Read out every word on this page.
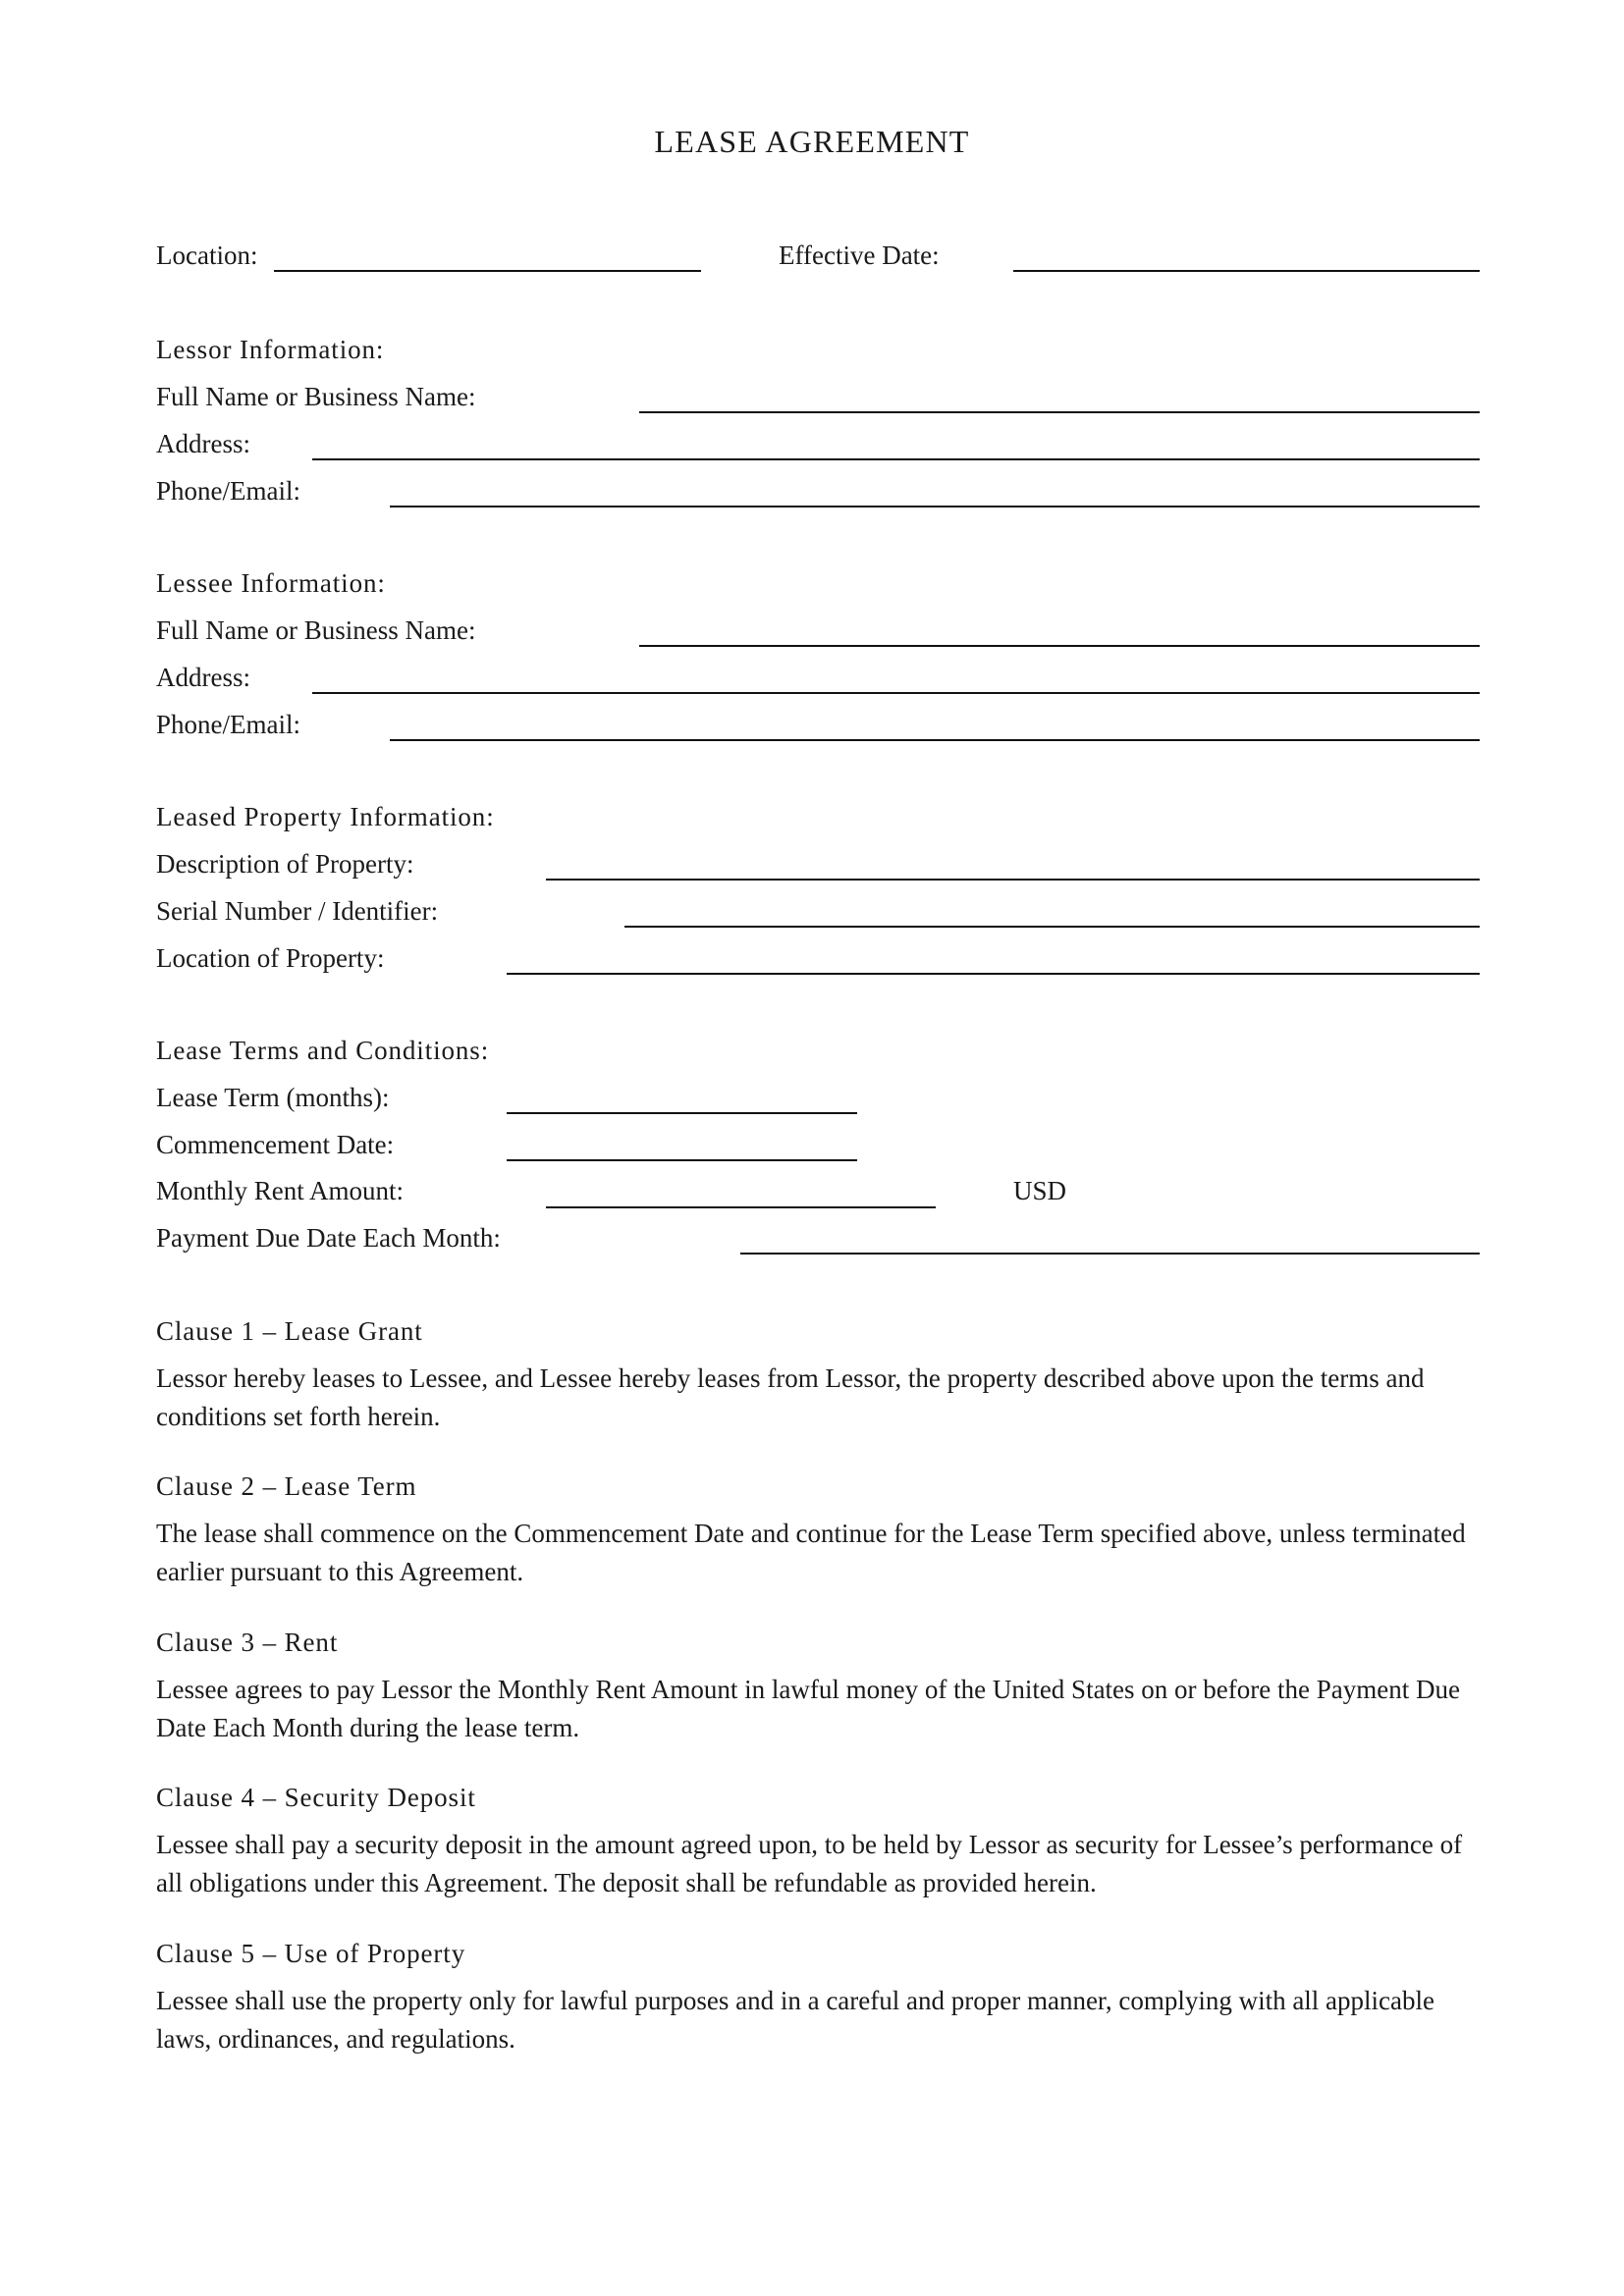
LEASE AGREEMENT
Location:	Effective Date:
Lessor Information:
Full Name or Business Name:
Address:
Phone/Email:
Lessee Information:
Full Name or Business Name:
Address:
Phone/Email:
Leased Property Information:
Description of Property:
Serial Number / Identifier:
Location of Property:
Lease Terms and Conditions:
Lease Term (months):
Commencement Date:
Monthly Rent Amount:	USD
Payment Due Date Each Month:
Clause 1 – Lease Grant
Lessor hereby leases to Lessee, and Lessee hereby leases from Lessor, the property described above upon the terms and conditions set forth herein.
Clause 2 – Lease Term
The lease shall commence on the Commencement Date and continue for the Lease Term specified above, unless terminated earlier pursuant to this Agreement.
Clause 3 – Rent
Lessee agrees to pay Lessor the Monthly Rent Amount in lawful money of the United States on or before the Payment Due Date Each Month during the lease term.
Clause 4 – Security Deposit
Lessee shall pay a security deposit in the amount agreed upon, to be held by Lessor as security for Lessee’s performance of all obligations under this Agreement. The deposit shall be refundable as provided herein.
Clause 5 – Use of Property
Lessee shall use the property only for lawful purposes and in a careful and proper manner, complying with all applicable laws, ordinances, and regulations.
